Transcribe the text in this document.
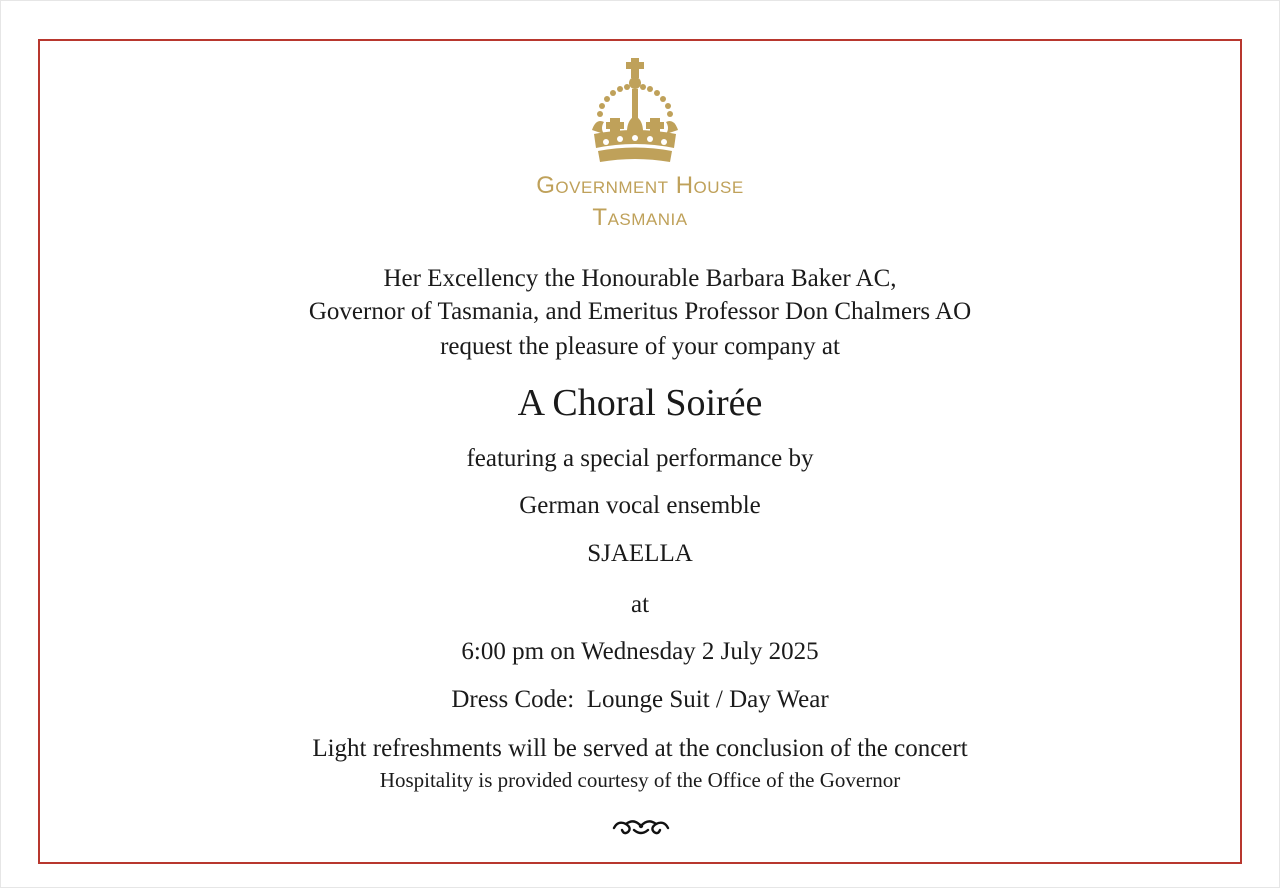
Government House
Tasmania
Her Excellency the Honourable Barbara Baker AC,
Governor of Tasmania, and Emeritus Professor Don Chalmers AO
request the pleasure of your company at
A Choral Soirée
featuring a special performance by
German vocal ensemble
SJAELLA
at
6:00 pm on Wednesday 2 July 2025
Dress Code:  Lounge Suit / Day Wear
Light refreshments will be served at the conclusion of the concert
Hospitality is provided courtesy of the Office of the Governor
